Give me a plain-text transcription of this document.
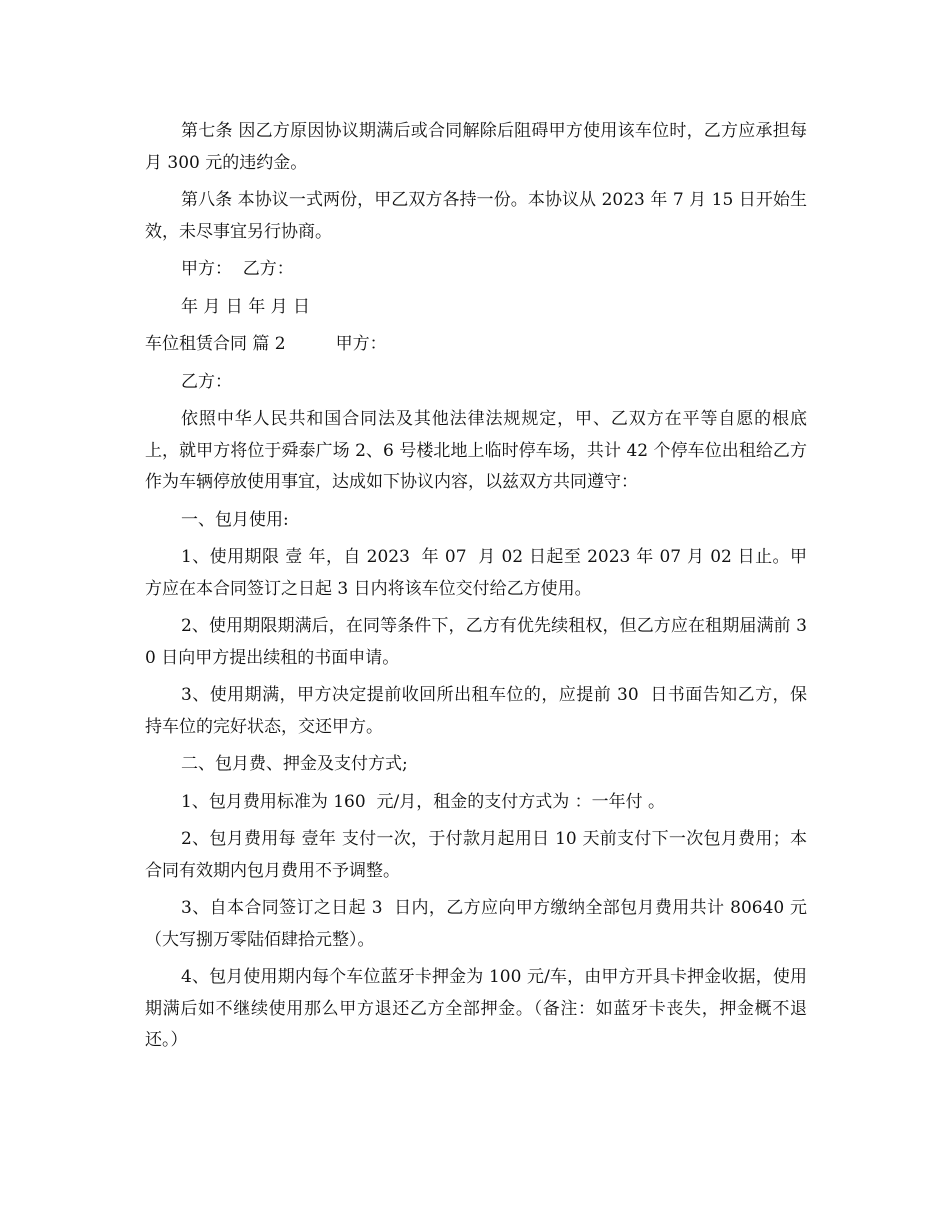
第七条 因乙方原因协议期满后或合同解除后阻碍甲方使用该车位时，乙方应承担每月 300 元的违约金。

第八条 本协议一式两份，甲乙双方各持一份。本协议从 2023 年 7 月 15 日开始生效，未尽事宜另行协商。

甲方：  乙方：

年 月 日 年 月 日

车位租赁合同 篇 2	甲方：

乙方：

依照中华人民共和国合同法及其他法律法规规定，甲、乙双方在平等自愿的根底上，就甲方将位于舜泰广场 2、6 号楼北地上临时停车场，共计 42 个停车位出租给乙方作为车辆停放使用事宜，达成如下协议内容，以兹双方共同遵守：

一、包月使用:

1、使用期限 壹 年，自 2023  年 07  月 02 日起至 2023 年 07 月 02 日止。甲方应在本合同签订之日起 3 日内将该车位交付给乙方使用。

2、使用期限期满后，在同等条件下，乙方有优先续租权，但乙方应在租期届满前 30 日向甲方提出续租的书面申请。

3、使用期满，甲方决定提前收回所出租车位的，应提前 30  日书面告知乙方，保持车位的完好状态，交还甲方。

二、包月费、押金及支付方式;

1、包月费用标准为 160  元/月，租金的支付方式为 ：一年付 。

2、包月费用每 壹年 支付一次，于付款月起用日 10 天前支付下一次包月费用；本合同有效期内包月费用不予调整。

3、自本合同签订之日起 3  日内，乙方应向甲方缴纳全部包月费用共计 80640 元（大写捌万零陆佰肆拾元整）。

4、包月使用期内每个车位蓝牙卡押金为 100 元/车，由甲方开具卡押金收据，使用期满后如不继续使用那么甲方退还乙方全部押金。（备注：如蓝牙卡丧失，押金概不退还。）
